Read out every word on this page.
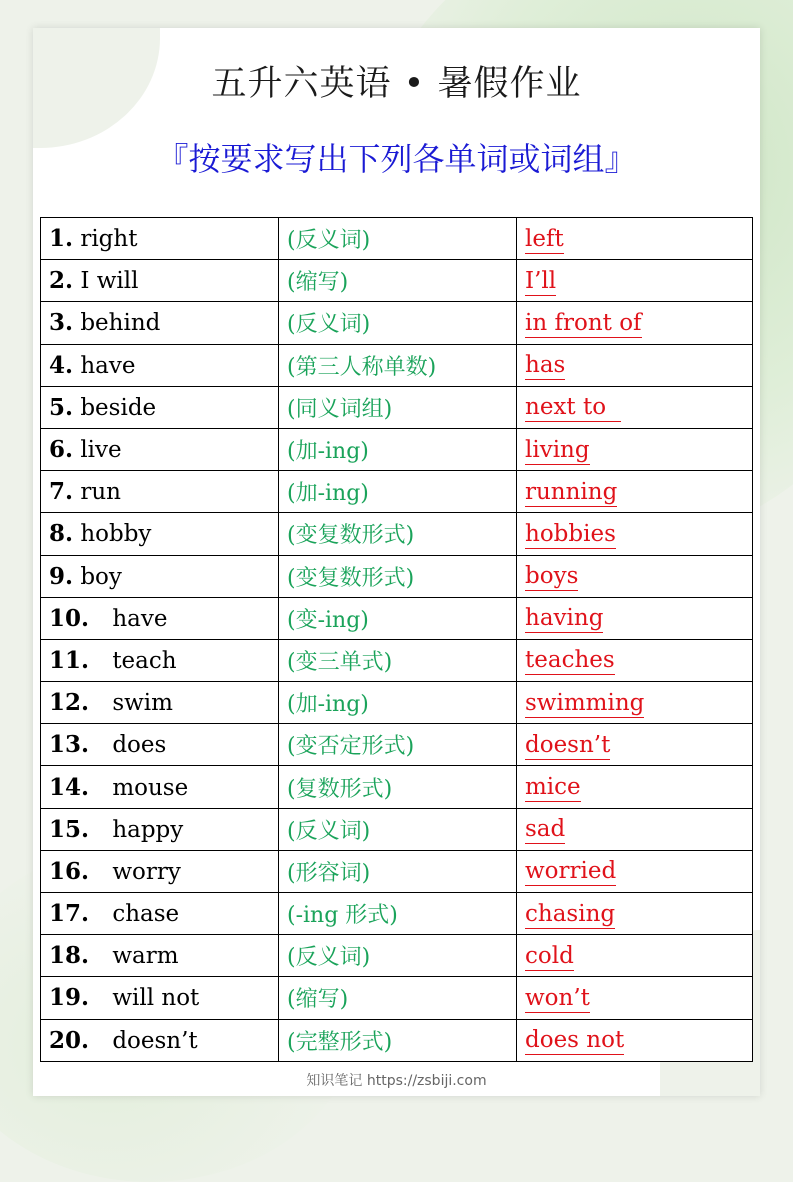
五升六英语 • 暑假作业
『按要求写出下列各单词或词组』
1. right	(反义词)	left
2. I will	(缩写)	I’ll
3. behind	(反义词)	in front of
4. have	(第三人称单数)	has
5. beside	(同义词组)	next to
6. live	(加-ing)	living
7. run	(加-ing)	running
8. hobby	(变复数形式)	hobbies
9. boy	(变复数形式)	boys
10. have	(变-ing)	having
11. teach	(变三单式)	teaches
12. swim	(加-ing)	swimming
13. does	(变否定形式)	doesn’t
14. mouse	(复数形式)	mice
15. happy	(反义词)	sad
16. worry	(形容词)	worried
17. chase	(-ing 形式)	chasing
18. warm	(反义词)	cold
19. will not	(缩写)	won’t
20. doesn’t	(完整形式)	does not
知识笔记 https://zsbiji.com
